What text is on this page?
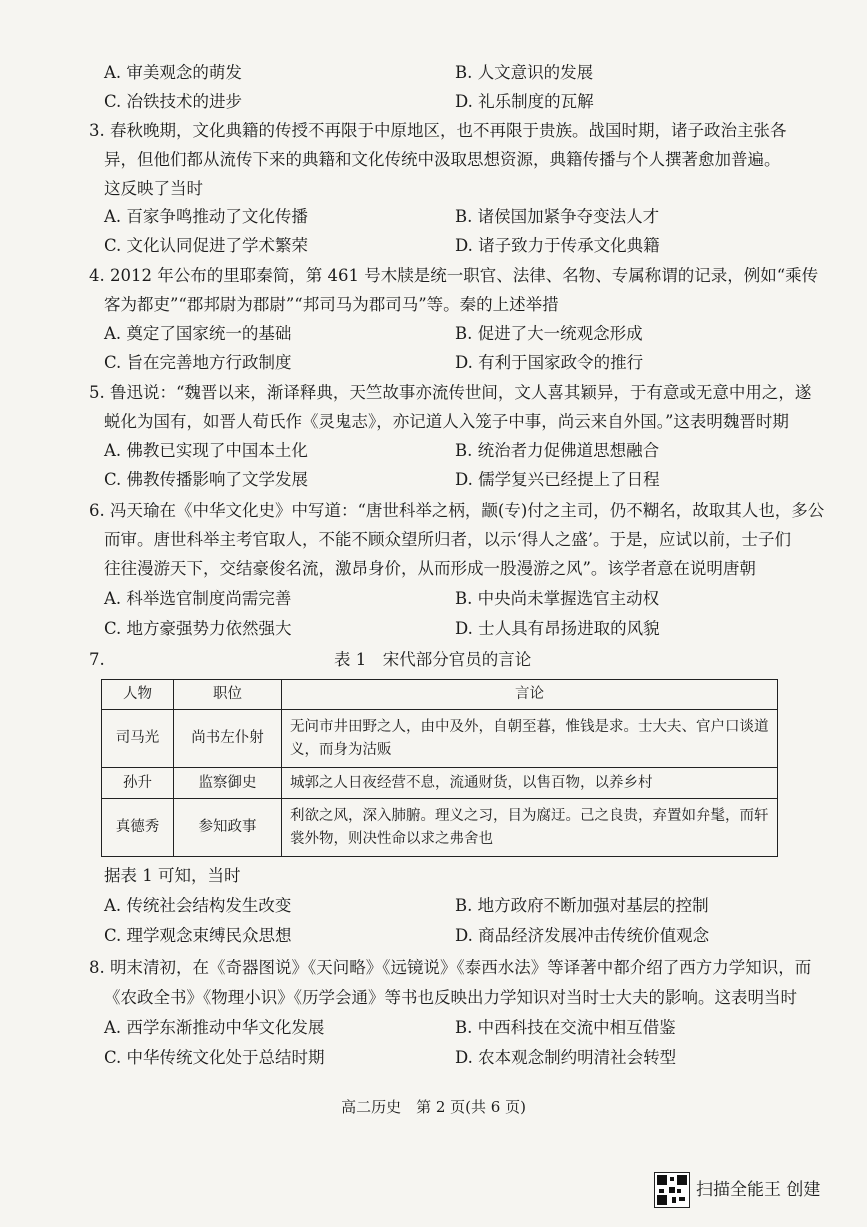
A. 审美观念的萌发	B. 人文意识的发展
C. 冶铁技术的进步	D. 礼乐制度的瓦解
3. 春秋晚期，文化典籍的传授不再限于中原地区，也不再限于贵族。战国时期，诸子政治主张各
异，但他们都从流传下来的典籍和文化传统中汲取思想资源，典籍传播与个人撰著愈加普遍。
这反映了当时
A. 百家争鸣推动了文化传播	B. 诸侯国加紧争夺变法人才
C. 文化认同促进了学术繁荣	D. 诸子致力于传承文化典籍
4. 2012 年公布的里耶秦简，第 461 号木牍是统一职官、法律、名物、专属称谓的记录，例如“乘传
客为都吏”“郡邦尉为郡尉”“邦司马为郡司马”等。秦的上述举措
A. 奠定了国家统一的基础	B. 促进了大一统观念形成
C. 旨在完善地方行政制度	D. 有利于国家政令的推行
5. 鲁迅说：“魏晋以来，渐译释典，天竺故事亦流传世间，文人喜其颖异，于有意或无意中用之，遂
蜕化为国有，如晋人荀氏作《灵鬼志》，亦记道人入笼子中事，尚云来自外国。”这表明魏晋时期
A. 佛教已实现了中国本土化	B. 统治者力促佛道思想融合
C. 佛教传播影响了文学发展	D. 儒学复兴已经提上了日程
6. 冯天瑜在《中华文化史》中写道：“唐世科举之柄，颛(专)付之主司，仍不糊名，故取其人也，多公
而审。唐世科举主考官取人，不能不顾众望所归者，以示‘得人之盛’。于是，应试以前，士子们
往往漫游天下，交结豪俊名流，激昂身价，从而形成一股漫游之风”。该学者意在说明唐朝
A. 科举选官制度尚需完善	B. 中央尚未掌握选官主动权
C. 地方豪强势力依然强大	D. 士人具有昂扬进取的风貌
7.	表 1　宋代部分官员的言论
人物	职位	言论
司马光	尚书左仆射	无问市井田野之人，由中及外，自朝至暮，惟钱是求。士大夫、官户口谈道
义，而身为沽贩

孙升	监察御史	城郭之人日夜经营不息，流通财货，以售百物，以养乡村

真德秀	参知政事	利欲之风，深入肺腑。理义之习，目为腐迂。己之良贵，弃置如弁髦，而轩
裳外物，则决性命以求之弗舍也
据表 1 可知，当时
A. 传统社会结构发生改变	B. 地方政府不断加强对基层的控制
C. 理学观念束缚民众思想	D. 商品经济发展冲击传统价值观念
8. 明末清初，在《奇器图说》《天问略》《远镜说》《泰西水法》等译著中都介绍了西方力学知识，而
《农政全书》《物理小识》《历学会通》等书也反映出力学知识对当时士大夫的影响。这表明当时
A. 西学东渐推动中华文化发展	B. 中西科技在交流中相互借鉴
C. 中华传统文化处于总结时期	D. 农本观念制约明清社会转型
高二历史　第 2 页(共 6 页)
扫描全能王 创建
